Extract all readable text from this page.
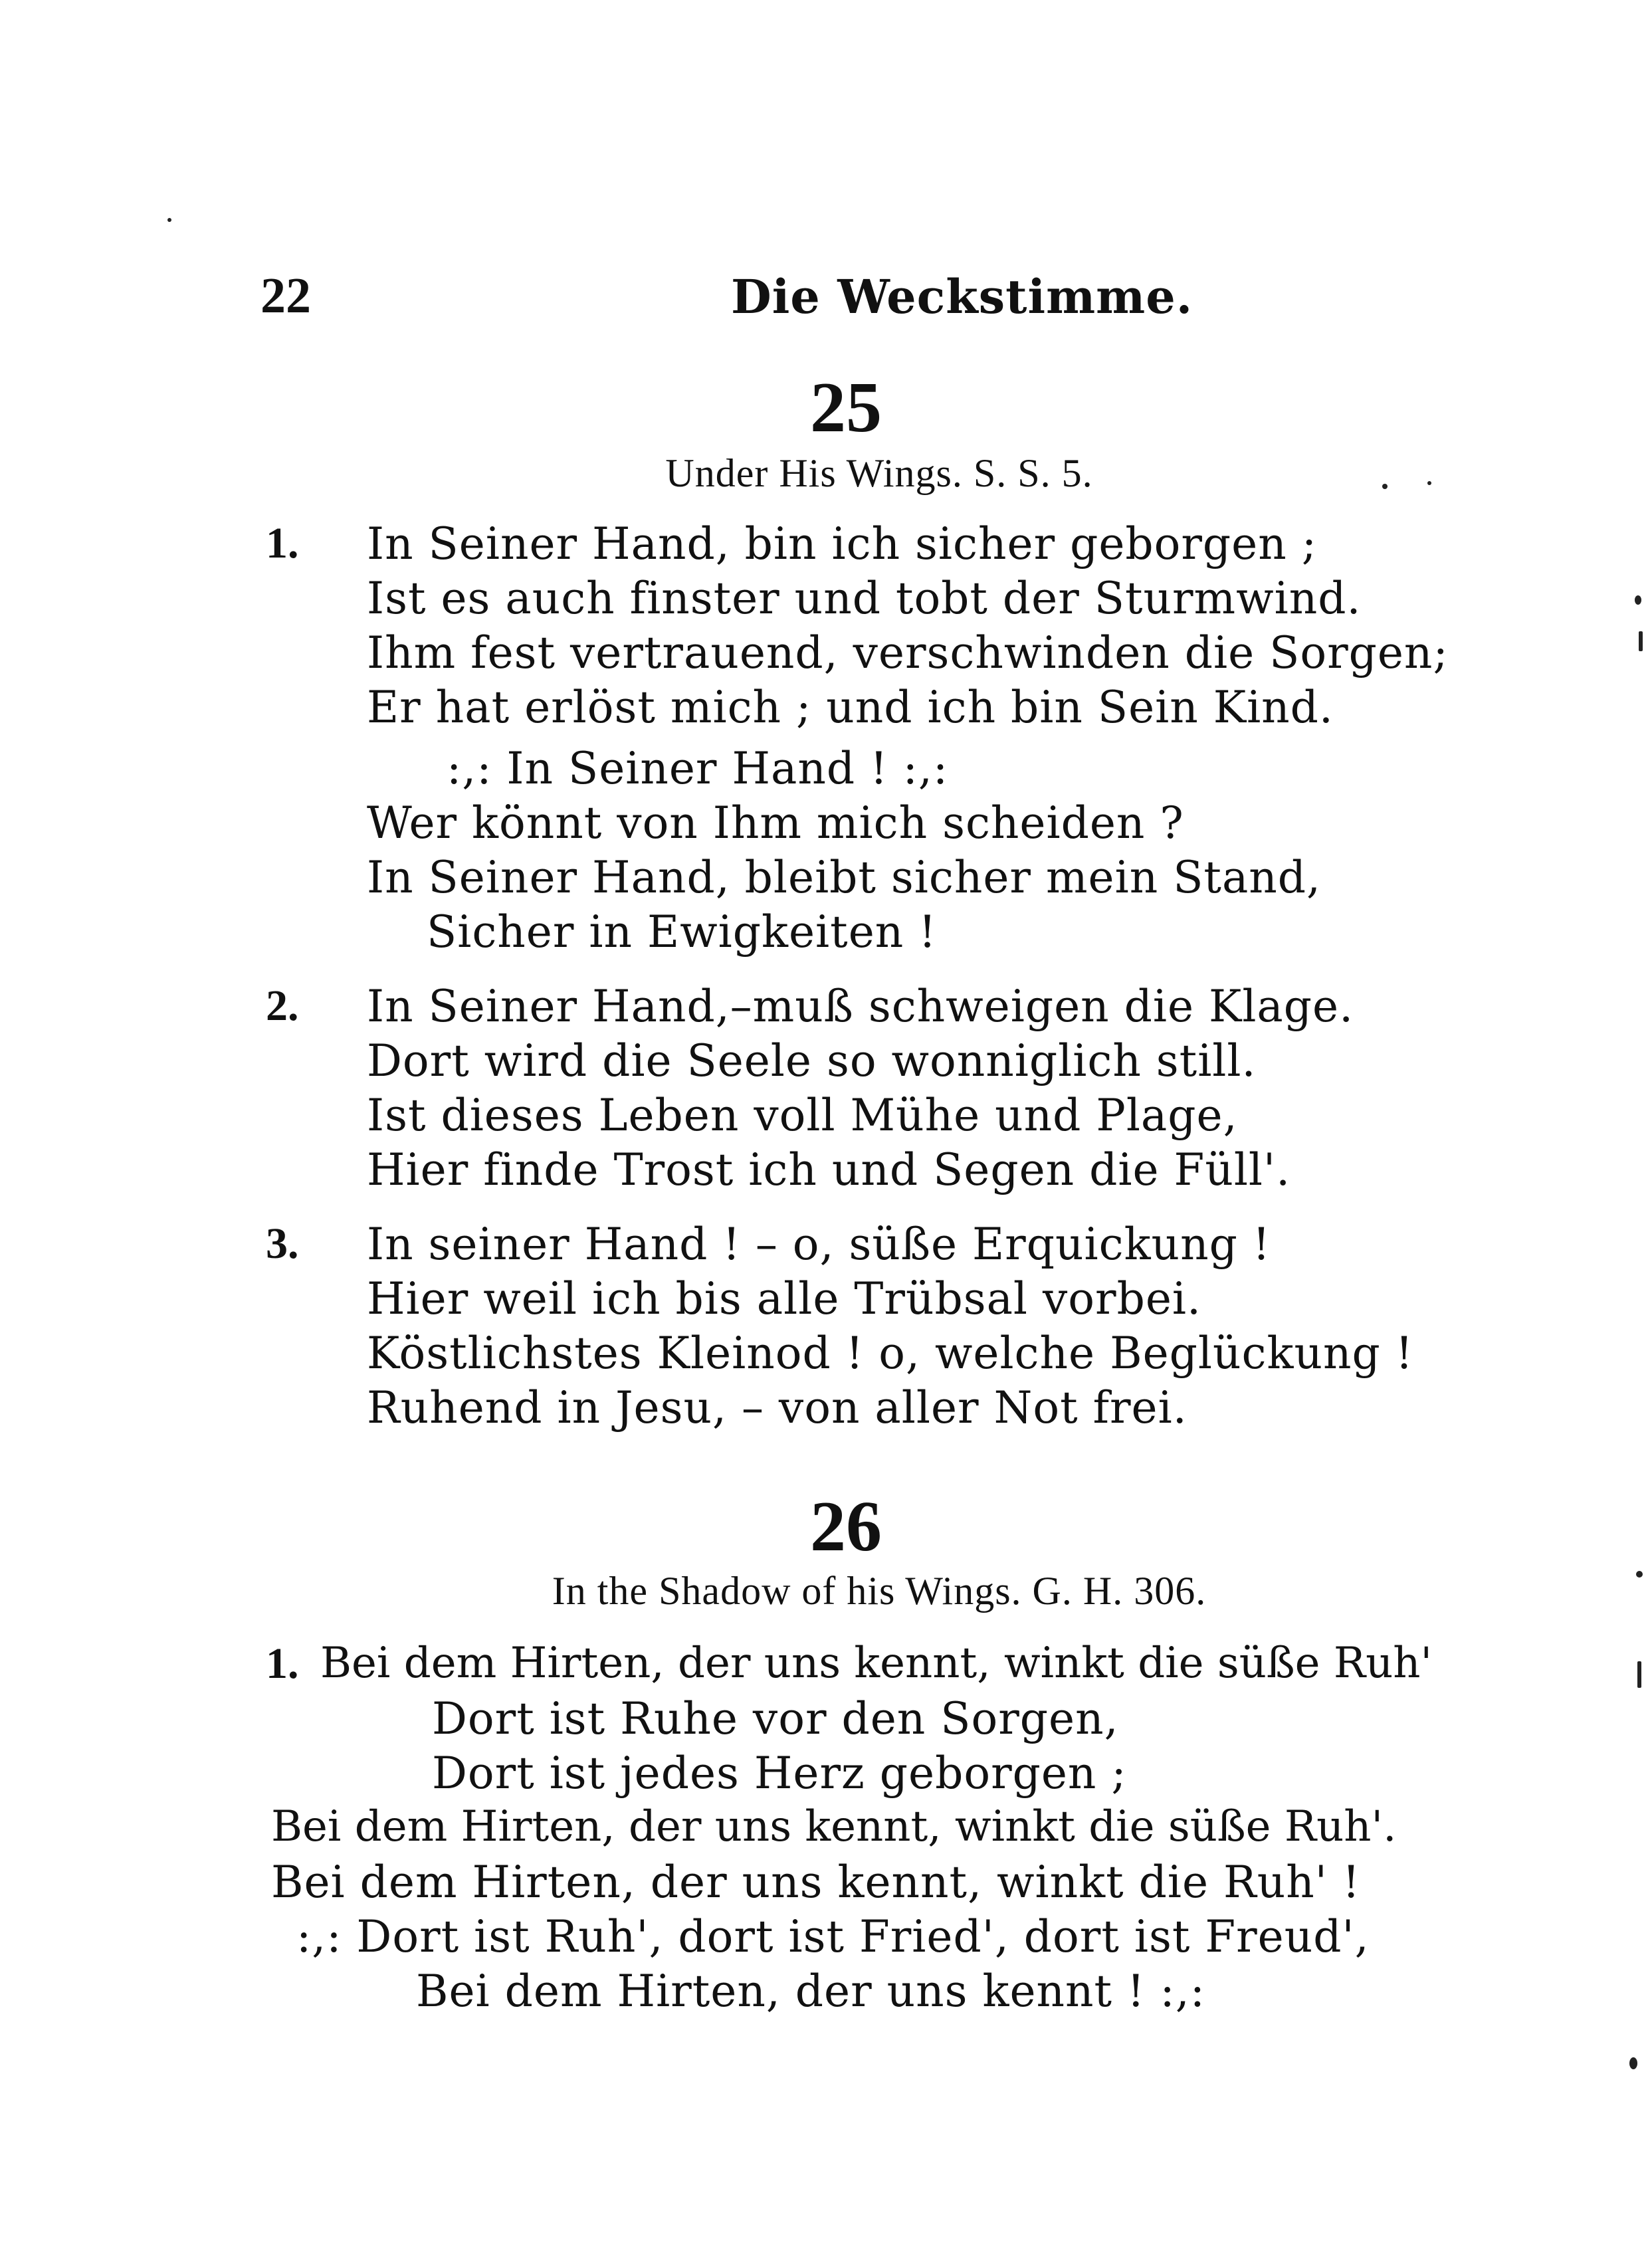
22	Die Weckstimme.
25
Under His Wings. S. S. 5.
1. In Seiner Hand, bin ich sicher geborgen ;
Ist es auch finster und tobt der Sturmwind.
Ihm fest vertrauend, verschwinden die Sorgen;
Er hat erlöst mich ; und ich bin Sein Kind.
:,: In Seiner Hand ! :,:
Wer könnt von Ihm mich scheiden ?
In Seiner Hand, bleibt sicher mein Stand,
Sicher in Ewigkeiten !
2. In Seiner Hand,–muß schweigen die Klage.
Dort wird die Seele so wonniglich still.
Ist dieses Leben voll Mühe und Plage,
Hier finde Trost ich und Segen die Füll'.
3. In seiner Hand ! – o, süße Erquickung !
Hier weil ich bis alle Trübsal vorbei.
Köstlichstes Kleinod ! o, welche Beglückung !
Ruhend in Jesu, – von aller Not frei.
26
In the Shadow of his Wings. G. H. 306.
1. Bei dem Hirten, der uns kennt, winkt die süße Ruh'
Dort ist Ruhe vor den Sorgen,
Dort ist jedes Herz geborgen ;
Bei dem Hirten, der uns kennt, winkt die süße Ruh'.
Bei dem Hirten, der uns kennt, winkt die Ruh' !
:,: Dort ist Ruh', dort ist Fried', dort ist Freud',
Bei dem Hirten, der uns kennt ! :,:
